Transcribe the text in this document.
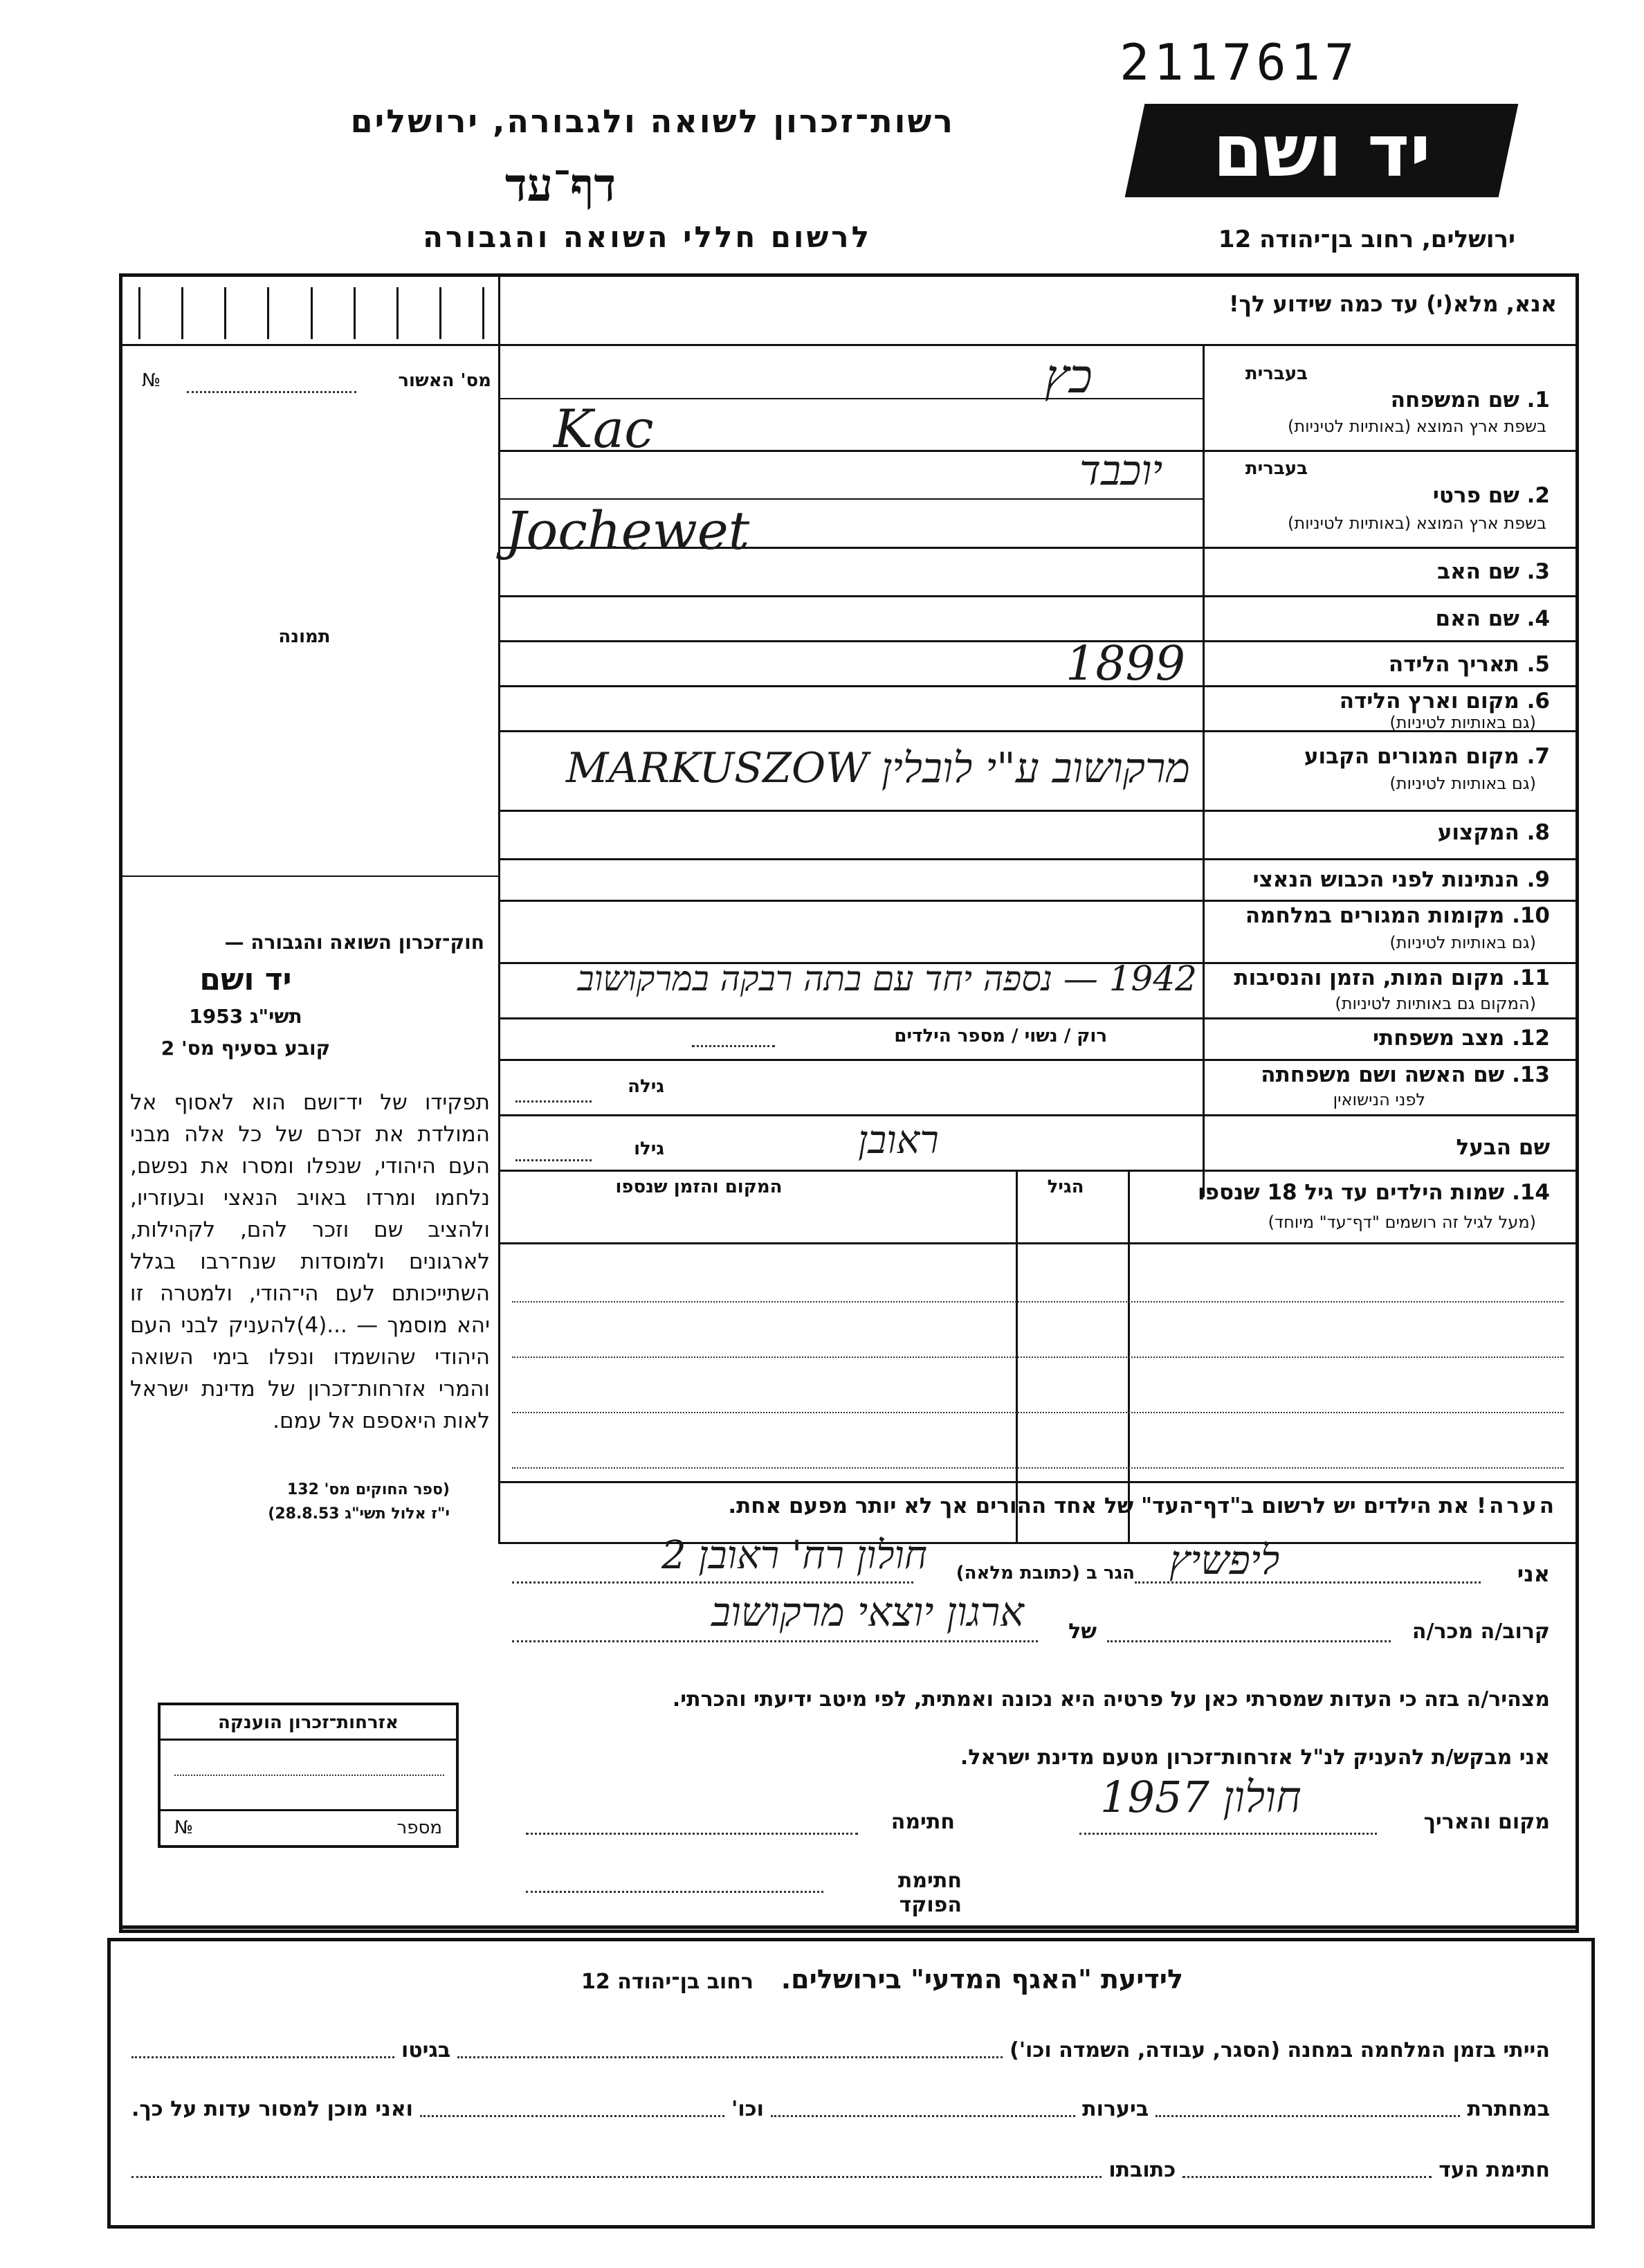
2117617
יד ושם
רשות־זכרון לשואה ולגבורה, ירושלים
דף־עד
לרשום חללי השואה והגבורה	ירושלים, רחוב בן־יהודה 12
אנא, מלא(י) עד כמה שידוע לך!
מס' האשור
№
תמונה
חוק־זכרון השואה והגבורה —
יד ושם
תשי"ג 1953
קובע בסעיף מס' 2
תפקידו של יד־ושם הוא לאסוף אל המולדת את זכרם של כל אלה מבני העם היהודי, שנפלו ומסרו את נפשם, נלחמו ומרדו באויב הנאצי ובעוזריו, ולהציב שם וזכר להם, לקהילות, לארגונים ולמוסדות שנח־רבו בגלל השתייכותם לעם הי־הודי, ולמטרה זו יהא מוסמך — ...(4)להעניק לבני העם היהודי שהושמדו ונפלו בימי השואה והמרי אזרחות־זכרון של מדינת ישראל לאות היאספם אל עמם.
(ספר החוקים מס' 132
י"ז אלול תשי"ג 28.8.53)
אזרחות־זכרון הוענקה
מספר
№
בעברית
1. שם המשפחה
בשפת ארץ המוצא (באותיות לטיניות)
כץ
Kac
בעברית
2. שם פרטי
בשפת ארץ המוצא (באותיות לטיניות)
יוכבד
Jochewet
3. שם האב
4. שם האם
5. תאריך הלידה
1899
6. מקום וארץ הלידה
(גם באותיות לטיניות)
7. מקום המגורים הקבוע
(גם באותיות לטיניות)
מרקושוב ע"י לובלין MARKUSZOW
8. המקצוע
9. הנתינות לפני הכבוש הנאצי
10. מקומות המגורים במלחמה
(גם באותיות לטיניות)
11. מקום המות, הזמן והנסיבות
(המקום גם באותיות לטיניות)
1942 — נספה יחד עם בתה רבקה במרקושוב
12. מצב משפחתי
רוק / נשוי / מספר הילדים
13. שם האשה ושם משפחתה
לפני הנישואין
גילה
שם הבעל
גילו	ראובן
14. שמות הילדים עד גיל 18 שנספו
(מעל לגיל זה רושמים "דף־עד" מיוחד)
הגיל
המקום והזמן שנספו
הערה! את הילדים יש לרשום ב"דף־העד" של אחד ההורים אך לא יותר מפעם אחת.
אני
ליפשיץ
הגר ב (כתובת מלאה)
חולון רח' ראובן 2
קרוב/ה מכר/ה
של
ארגון יוצאי מרקושוב
מצהיר/ה בזה כי העדות שמסרתי כאן על פרטיה היא נכונה ואמתית, לפי מיטב ידיעתי והכרתי.
אני מבקש/ת להעניק לנ"ל אזרחות־זכרון מטעם מדינת ישראל.
מקום והאריך
חולון 1957
חתימה
חתימת הפוקד
לידיעת "האגף המדעי" בירושלים.   רחוב בן־יהודה 12
הייתי בזמן המלחמה במחנה (הסגר, עבודה, השמדה וכו')
בגיטו
במחתרת
ביערות
וכו'
ואני מוכן למסור עדות על כך.
חתימת העד
כתובתו
